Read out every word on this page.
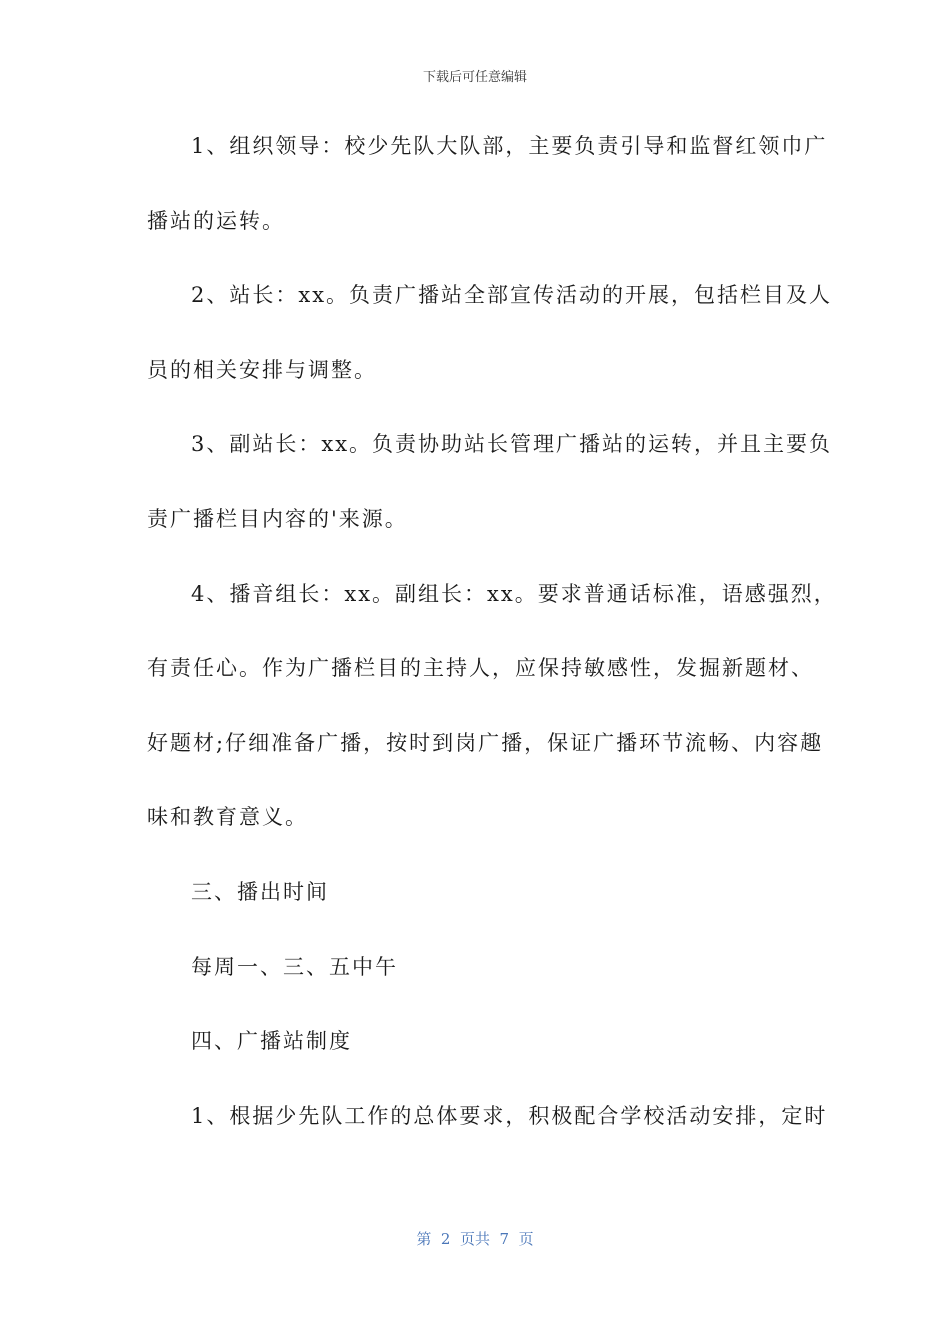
下载后可任意编辑
1、组织领导：校少先队大队部，主要负责引导和监督红领巾广
播站的运转。
2、站长：xx。负责广播站全部宣传活动的开展，包括栏目及人
员的相关安排与调整。
3、副站长：xx。负责协助站长管理广播站的运转，并且主要负
责广播栏目内容的'来源。
4、播音组长：xx。副组长：xx。要求普通话标准，语感强烈，
有责任心。作为广播栏目的主持人，应保持敏感性，发掘新题材、
好题材;仔细准备广播，按时到岗广播，保证广播环节流畅、内容趣
味和教育意义。
三、播出时间
每周一、三、五中午
四、广播站制度
1、根据少先队工作的总体要求，积极配合学校活动安排，定时
第  2  页共  7  页
